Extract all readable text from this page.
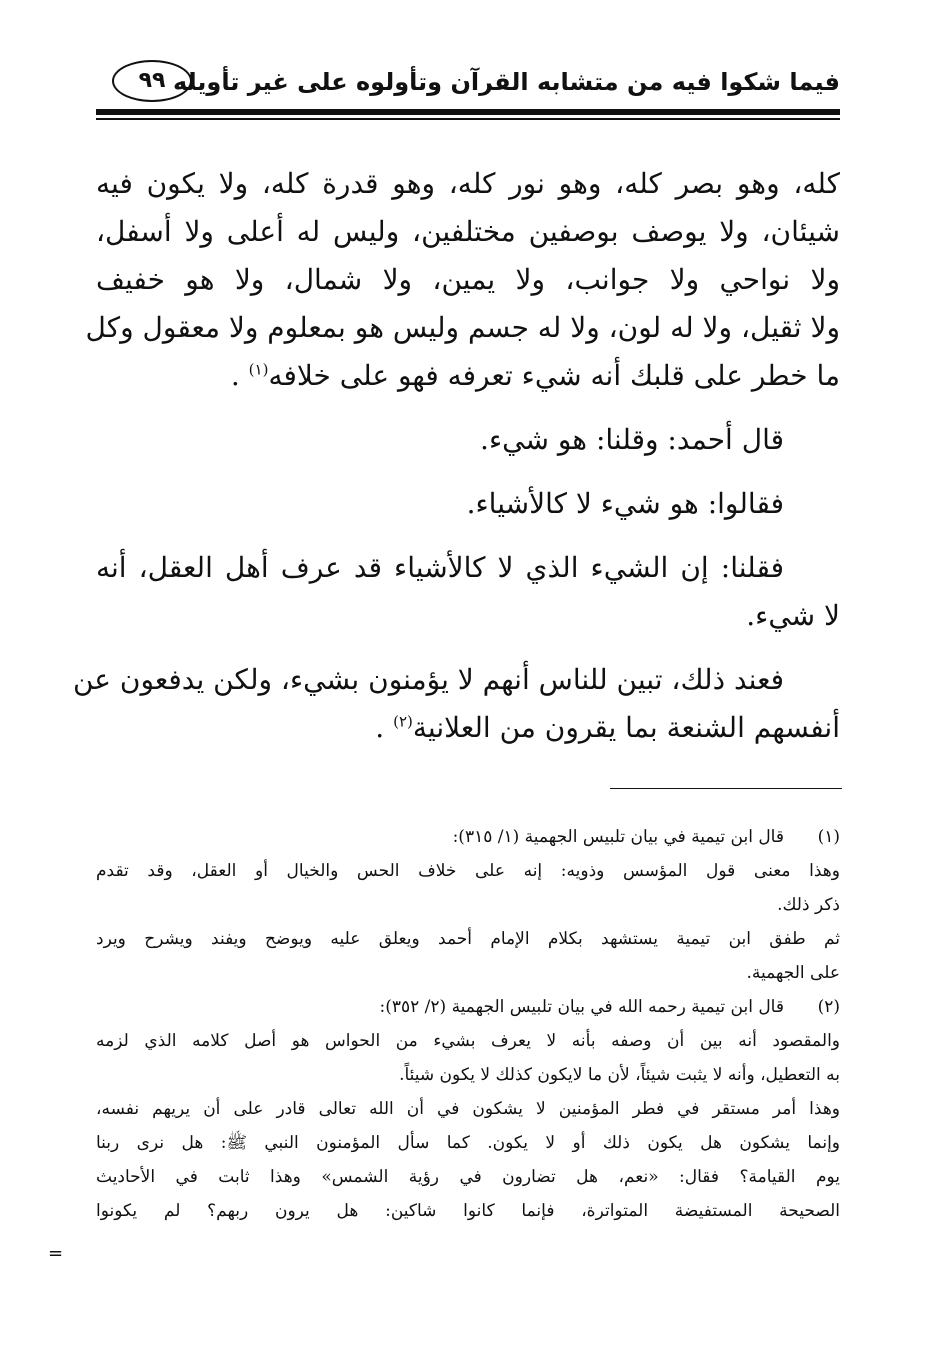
فيما شكوا فيه من متشابه القرآن وتأولوه على غير تأويله
٩٩
كله، وهو بصر كله، وهو نور كله، وهو قدرة كله، ولا يكون فيه
شيئان، ولا يوصف بوصفين مختلفين، وليس له أعلى ولا أسفل،
ولا نواحي ولا جوانب، ولا يمين، ولا شمال، ولا هو خفيف
ولا ثقيل، ولا له لون، ولا له جسم وليس هو بمعلوم ولا معقول وكل
ما خطر على قلبك أنه شيء تعرفه فهو على خلافه$^{(١)}$ .
قال أحمد: وقلنا: هو شيء.
فقالوا: هو شيء لا كالأشياء.
فقلنا: إن الشيء الذي لا كالأشياء قد عرف أهل العقل، أنه
لا شيء.
فعند ذلك، تبين للناس أنهم لا يؤمنون بشيء، ولكن يدفعون عن
أنفسهم الشنعة بما يقرون من العلانية$^{(٢)}$ .
(١)قال ابن تيمية في بيان تلبيس الجهمية (١/ ٣١٥):
وهذا معنى قول المؤسس وذويه: إنه على خلاف الحس والخيال أو العقل، وقد تقدم
ذكر ذلك.
ثم طفق ابن تيمية يستشهد بكلام الإمام أحمد ويعلق عليه ويوضح ويفند ويشرح ويرد
على الجهمية.
(٢)قال ابن تيمية رحمه الله في بيان تلبيس الجهمية (٢/ ٣٥٢):
والمقصود أنه بين أن وصفه بأنه لا يعرف بشيء من الحواس هو أصل كلامه الذي لزمه
به التعطيل، وأنه لا يثبت شيئاً، لأن ما لايكون كذلك لا يكون شيئاً.
وهذا أمر مستقر في فطر المؤمنين لا يشكون في أن الله تعالى قادر على أن يريهم نفسه،
وإنما يشكون هل يكون ذلك أو لا يكون. كما سأل المؤمنون النبي ﷺ: هل نرى ربنا
يوم القيامة؟ فقال: «نعم، هل تضارون في رؤية الشمس» وهذا ثابت في الأحاديث
الصحيحة المستفيضة المتواترة، فإنما كانوا شاكين: هل يرون ربهم؟ لم يكونوا
=
